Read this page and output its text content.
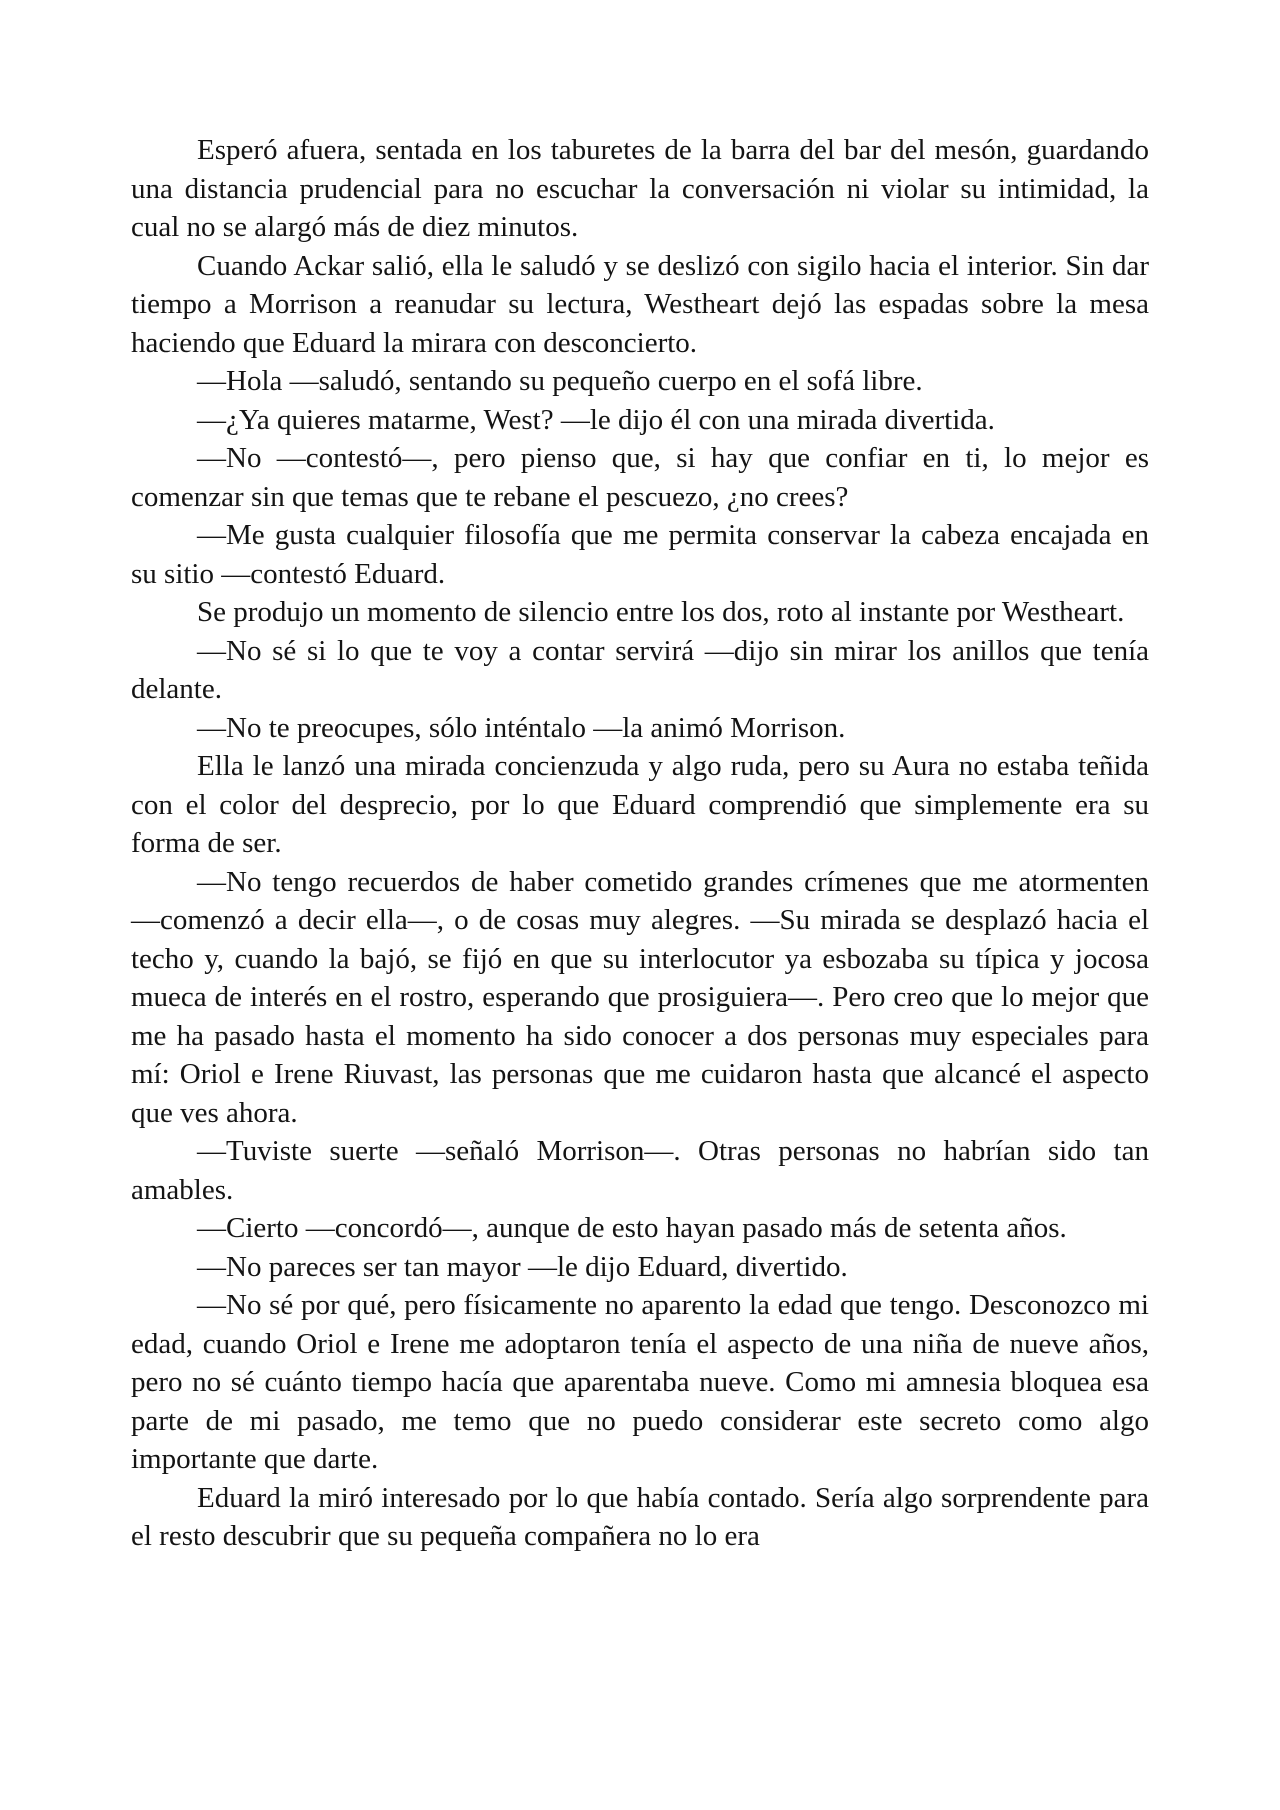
Esperó afuera, sentada en los taburetes de la barra del bar del mesón, guardando una distancia prudencial para no escuchar la conversación ni violar su intimidad, la cual no se alargó más de diez minutos.

Cuando Ackar salió, ella le saludó y se deslizó con sigilo hacia el interior. Sin dar tiempo a Morrison a reanudar su lectura, Westheart dejó las espadas sobre la mesa haciendo que Eduard la mirara con desconcierto.

—Hola —saludó, sentando su pequeño cuerpo en el sofá libre.

—¿Ya quieres matarme, West? —le dijo él con una mirada divertida.

—No —contestó—, pero pienso que, si hay que confiar en ti, lo mejor es comenzar sin que temas que te rebane el pescuezo, ¿no crees?

—Me gusta cualquier filosofía que me permita conservar la cabeza encajada en su sitio —contestó Eduard.

Se produjo un momento de silencio entre los dos, roto al instante por Westheart.

—No sé si lo que te voy a contar servirá —dijo sin mirar los anillos que tenía delante.

—No te preocupes, sólo inténtalo —la animó Morrison.

Ella le lanzó una mirada concienzuda y algo ruda, pero su Aura no estaba teñida con el color del desprecio, por lo que Eduard comprendió que simplemente era su forma de ser.

—No tengo recuerdos de haber cometido grandes crímenes que me atormenten —comenzó a decir ella—, o de cosas muy alegres. —Su mirada se desplazó hacia el techo y, cuando la bajó, se fijó en que su interlocutor ya esbozaba su típica y jocosa mueca de interés en el rostro, esperando que prosiguiera—. Pero creo que lo mejor que me ha pasado hasta el momento ha sido conocer a dos personas muy especiales para mí: Oriol e Irene Riuvast, las personas que me cuidaron hasta que alcancé el aspecto que ves ahora.

—Tuviste suerte —señaló Morrison—. Otras personas no habrían sido tan amables.

—Cierto —concordó—, aunque de esto hayan pasado más de setenta años.

—No pareces ser tan mayor —le dijo Eduard, divertido.

—No sé por qué, pero físicamente no aparento la edad que tengo. Desconozco mi edad, cuando Oriol e Irene me adoptaron tenía el aspecto de una niña de nueve años, pero no sé cuánto tiempo hacía que aparentaba nueve. Como mi amnesia bloquea esa parte de mi pasado, me temo que no puedo considerar este secreto como algo importante que darte.

Eduard la miró interesado por lo que había contado. Sería algo sorprendente para el resto descubrir que su pequeña compañera no lo era
